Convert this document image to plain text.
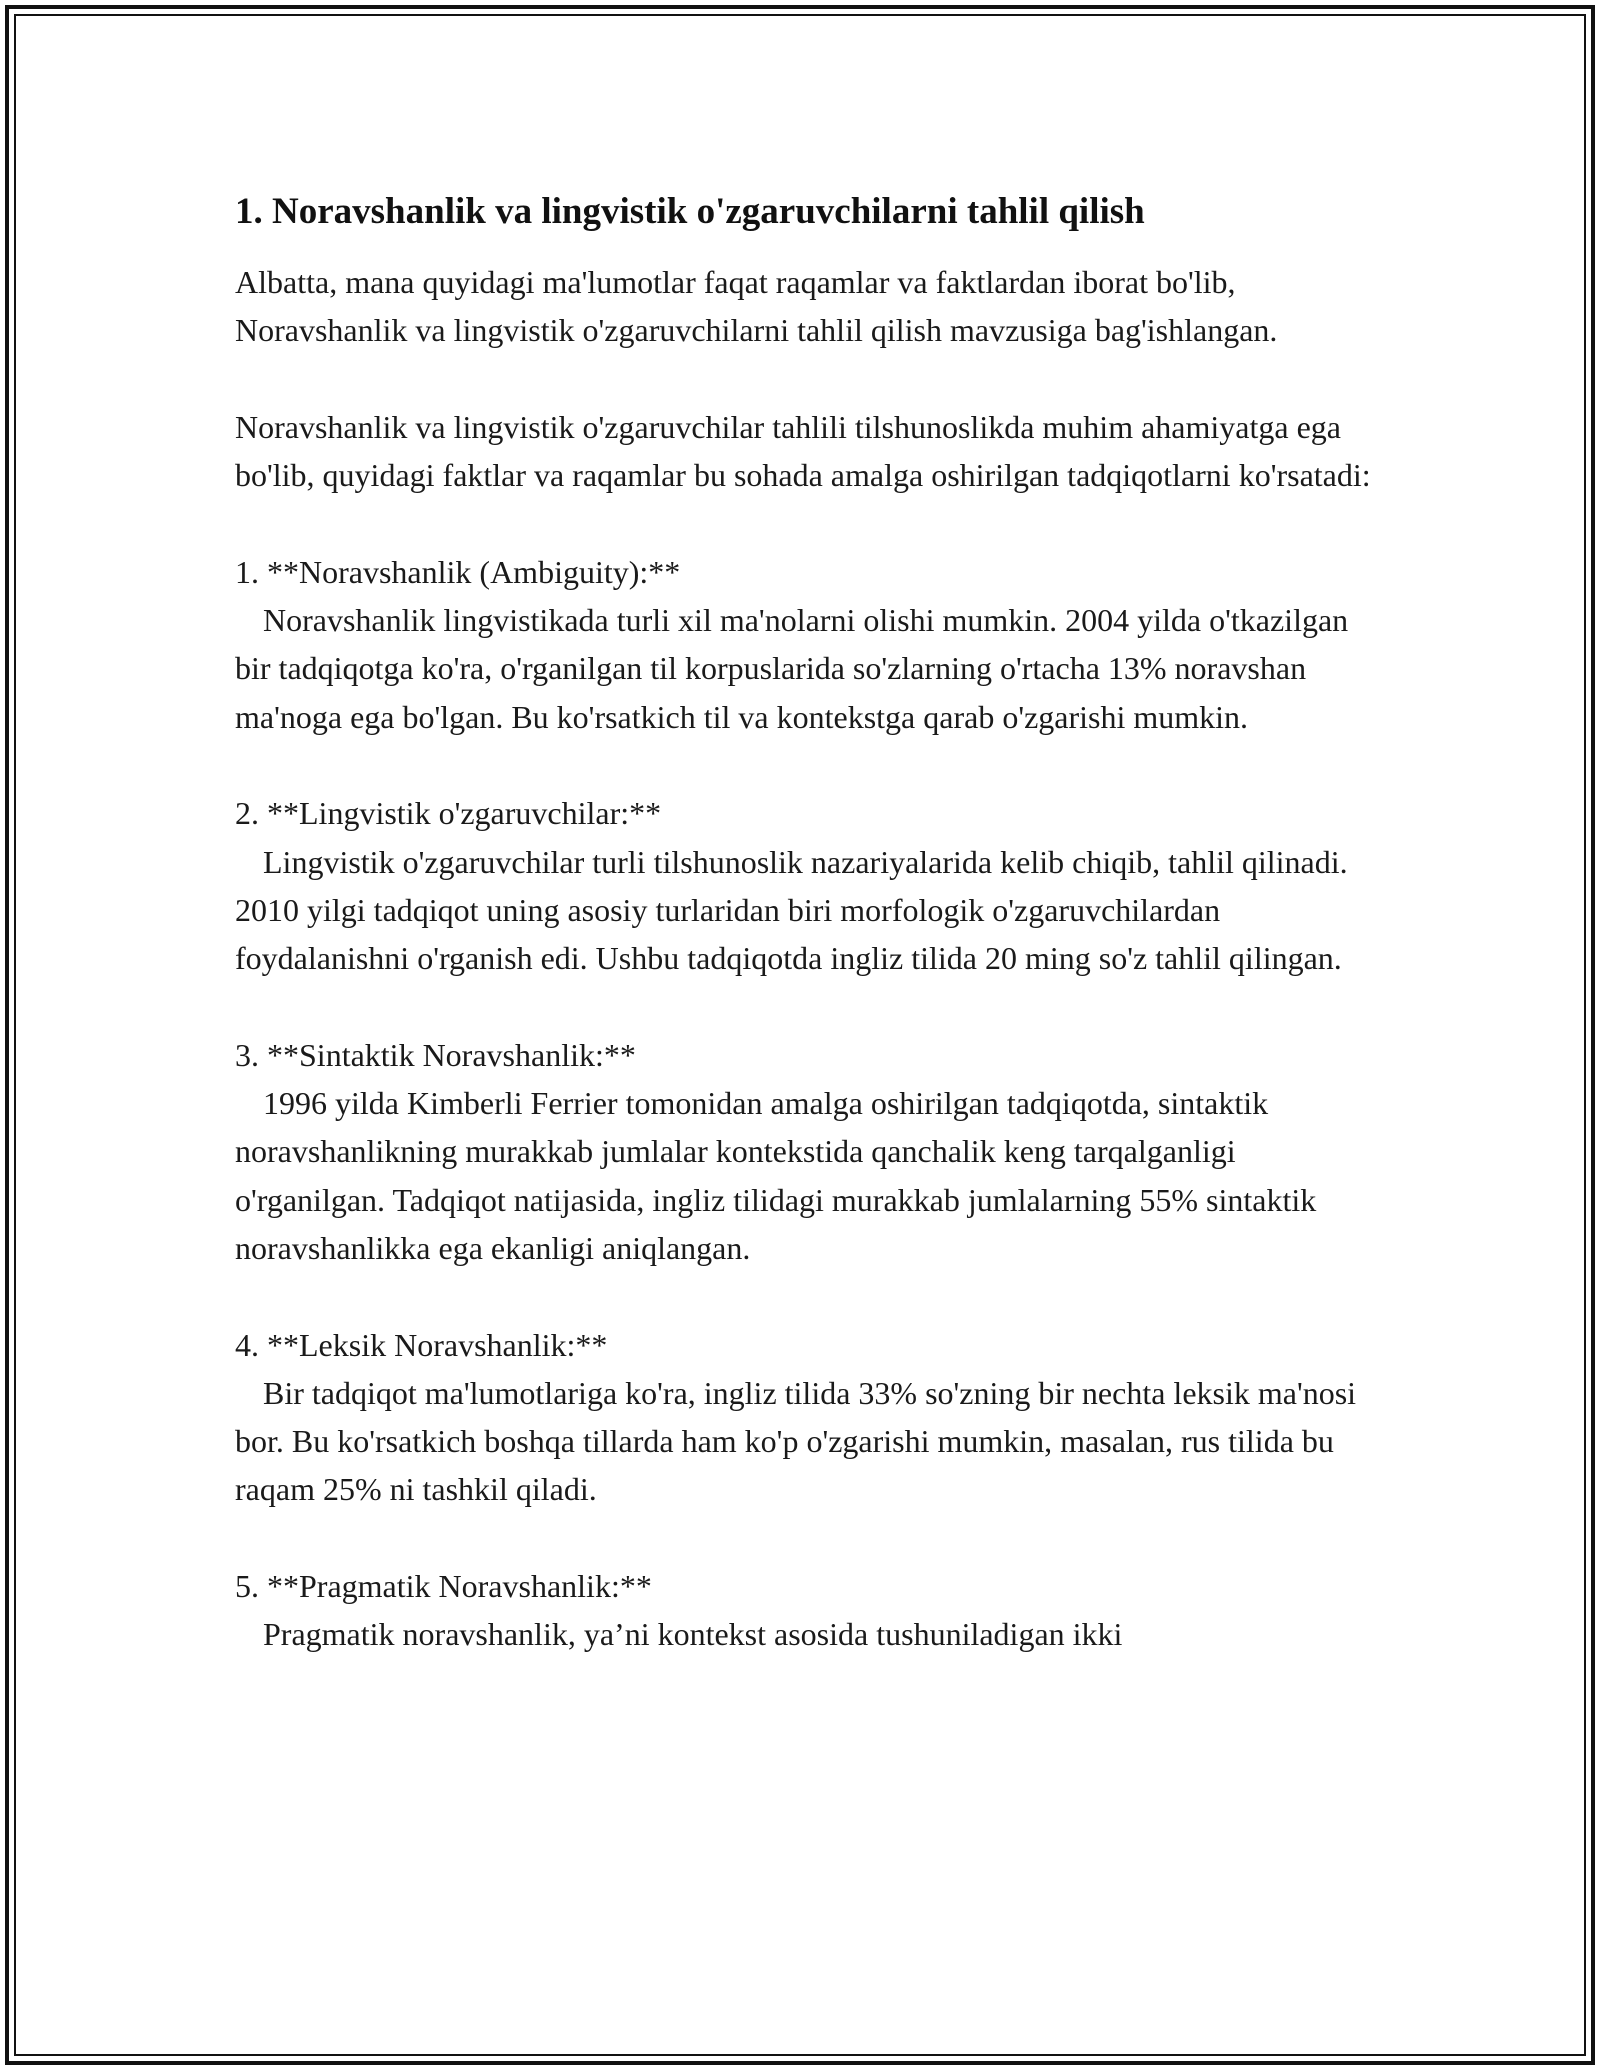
1. Noravshanlik va lingvistik o'zgaruvchilarni tahlil qilish

Albatta, mana quyidagi ma'lumotlar faqat raqamlar va faktlardan iborat bo'lib, Noravshanlik va lingvistik o'zgaruvchilarni tahlil qilish mavzusiga bag'ishlangan.

Noravshanlik va lingvistik o'zgaruvchilar tahlili tilshunoslikda muhim ahamiyatga ega bo'lib, quyidagi faktlar va raqamlar bu sohada amalga oshirilgan tadqiqotlarni ko'rsatadi:

1. **Noravshanlik (Ambiguity):**

Noravshanlik lingvistikada turli xil ma'nolarni olishi mumkin. 2004 yilda o'tkazilgan bir tadqiqotga ko'ra, o'rganilgan til korpuslarida so'zlarning o'rtacha 13% noravshan ma'noga ega bo'lgan. Bu ko'rsatkich til va kontekstga qarab o'zgarishi mumkin.

2. **Lingvistik o'zgaruvchilar:**

Lingvistik o'zgaruvchilar turli tilshunoslik nazariyalarida kelib chiqib, tahlil qilinadi. 2010 yilgi tadqiqot uning asosiy turlaridan biri morfologik o'zgaruvchilardan foydalanishni o'rganish edi. Ushbu tadqiqotda ingliz tilida 20 ming so'z tahlil qilingan.

3. **Sintaktik Noravshanlik:**

1996 yilda Kimberli Ferrier tomonidan amalga oshirilgan tadqiqotda, sintaktik noravshanlikning murakkab jumlalar kontekstida qanchalik keng tarqalganligi o'rganilgan. Tadqiqot natijasida, ingliz tilidagi murakkab jumlalarning 55% sintaktik noravshanlikka ega ekanligi aniqlangan.

4. **Leksik Noravshanlik:**

Bir tadqiqot ma'lumotlariga ko'ra, ingliz tilida 33% so'zning bir nechta leksik ma'nosi bor. Bu ko'rsatkich boshqa tillarda ham ko'p o'zgarishi mumkin, masalan, rus tilida bu raqam 25% ni tashkil qiladi.

5. **Pragmatik Noravshanlik:**

Pragmatik noravshanlik, ya’ni kontekst asosida tushuniladigan ikki
